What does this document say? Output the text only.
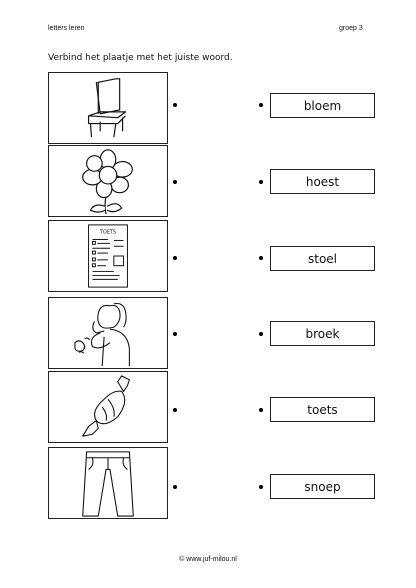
letters leren	groep 3
Verbind het plaatje met het juiste woord.
TOETS
bloem
hoest
stoel
broek
toets
snoep
© www.juf-milou.nl
